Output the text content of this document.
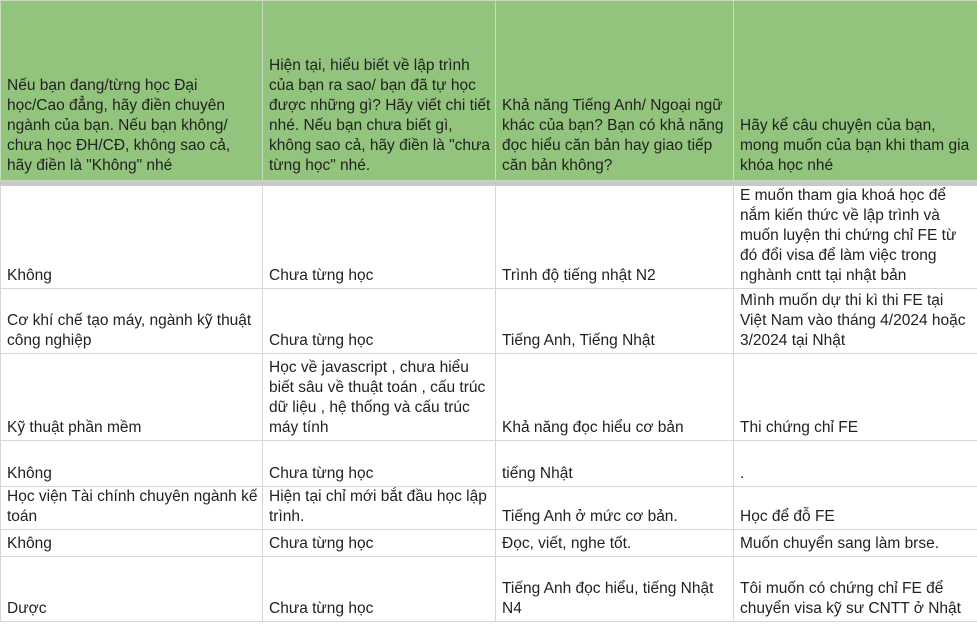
Nếu bạn đang/từng học Đại học/Cao đẳng, hãy điền chuyên ngành của bạn. Nếu bạn không/ chưa học ĐH/CĐ, không sao cả, hãy điền là "Không" nhé	Hiện tại, hiểu biết về lập trình của bạn ra sao/ bạn đã tự học được những gì? Hãy viết chi tiết nhé. Nếu bạn chưa biết gì, không sao cả, hãy điền là "chưa từng học" nhé.	Khả năng Tiếng Anh/ Ngoại ngữ khác của bạn? Bạn có khả năng đọc hiểu căn bản hay giao tiếp căn bản không?	Hãy kể câu chuyện của bạn, mong muốn của bạn khi tham gia khóa học nhé

Không	Chưa từng học	Trình độ tiếng nhật N2	E muốn tham gia khoá học để nắm kiến thức về lập trình và muốn luyện thi chứng chỉ FE từ đó đổi visa để làm việc trong nghành cntt tại nhật bản

Cơ khí chế tạo máy, ngành kỹ thuật công nghiệp	Chưa từng học	Tiếng Anh, Tiếng Nhật	Mình muốn dự thi kì thi FE tại Việt Nam vào tháng 4/2024 hoặc 3/2024 tại Nhật

Kỹ thuật phần mềm	Học về javascript , chưa hiểu biết sâu về thuật toán , cấu trúc dữ liệu , hệ thống và cấu trúc máy tính	Khả năng đọc hiểu cơ bản	Thi chứng chỉ FE

Không	Chưa từng học	tiếng Nhật	.

Học viện Tài chính chuyên ngành kế toán	Hiện tại chỉ mới bắt đầu học lập trình.	Tiếng Anh ở mức cơ bản.	Học để đỗ FE

Không	Chưa từng học	Đọc, viết, nghe tốt.	Muốn chuyển sang làm brse.

Dược	Chưa từng học	Tiếng Anh đọc hiểu, tiếng Nhật N4	Tôi muốn có chứng chỉ FE để chuyển visa kỹ sư CNTT ở Nhật
